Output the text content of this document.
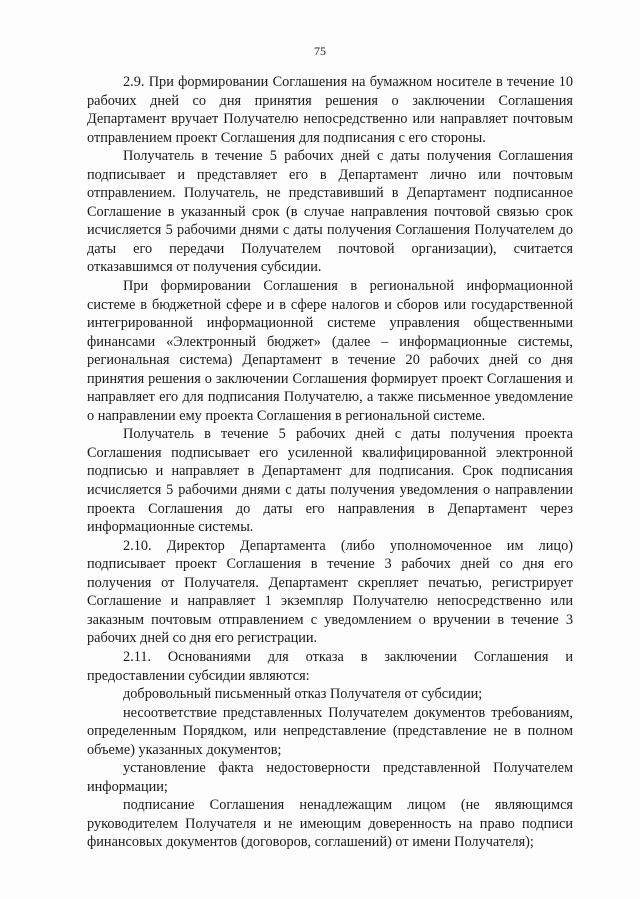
75

2.9. При формировании Соглашения на бумажном носителе в течение 10 рабочих дней со дня принятия решения о заключении Соглашения Департамент вручает Получателю непосредственно или направляет почтовым отправлением проект Соглашения для подписания с его стороны.

Получатель в течение 5 рабочих дней с даты получения Соглашения подписывает и представляет его в Департамент лично или почтовым отправлением. Получатель, не представивший в Департамент подписанное Соглашение в указанный срок (в случае направления почтовой связью срок исчисляется 5 рабочими днями с даты получения Соглашения Получателем до даты его передачи Получателем почтовой организации), считается отказавшимся от получения субсидии.

При формировании Соглашения в региональной информационной системе в бюджетной сфере и в сфере налогов и сборов или государственной интегрированной информационной системе управления общественными финансами «Электронный бюджет» (далее – информационные системы, региональная система) Департамент в течение 20 рабочих дней со дня принятия решения о заключении Соглашения формирует проект Соглашения и направляет его для подписания Получателю, а также письменное уведомление о направлении ему проекта Соглашения в региональной системе.

Получатель в течение 5 рабочих дней с даты получения проекта Соглашения подписывает его усиленной квалифицированной электронной подписью и направляет в Департамент для подписания. Срок подписания исчисляется 5 рабочими днями с даты получения уведомления о направлении проекта Соглашения до даты его направления в Департамент через информационные системы.

2.10. Директор Департамента (либо уполномоченное им лицо) подписывает проект Соглашения в течение 3 рабочих дней со дня его получения от Получателя. Департамент скрепляет печатью, регистрирует Соглашение и направляет 1 экземпляр Получателю непосредственно или заказным почтовым отправлением с уведомлением о вручении в течение 3 рабочих дней со дня его регистрации.

2.11. Основаниями для отказа в заключении Соглашения и предоставлении субсидии являются:

добровольный письменный отказ Получателя от субсидии;

несоответствие представленных Получателем документов требованиям, определенным Порядком, или непредставление (представление не в полном объеме) указанных документов;

установление факта недостоверности представленной Получателем информации;

подписание Соглашения ненадлежащим лицом (не являющимся руководителем Получателя и не имеющим доверенность на право подписи финансовых документов (договоров, соглашений) от имени Получателя);
